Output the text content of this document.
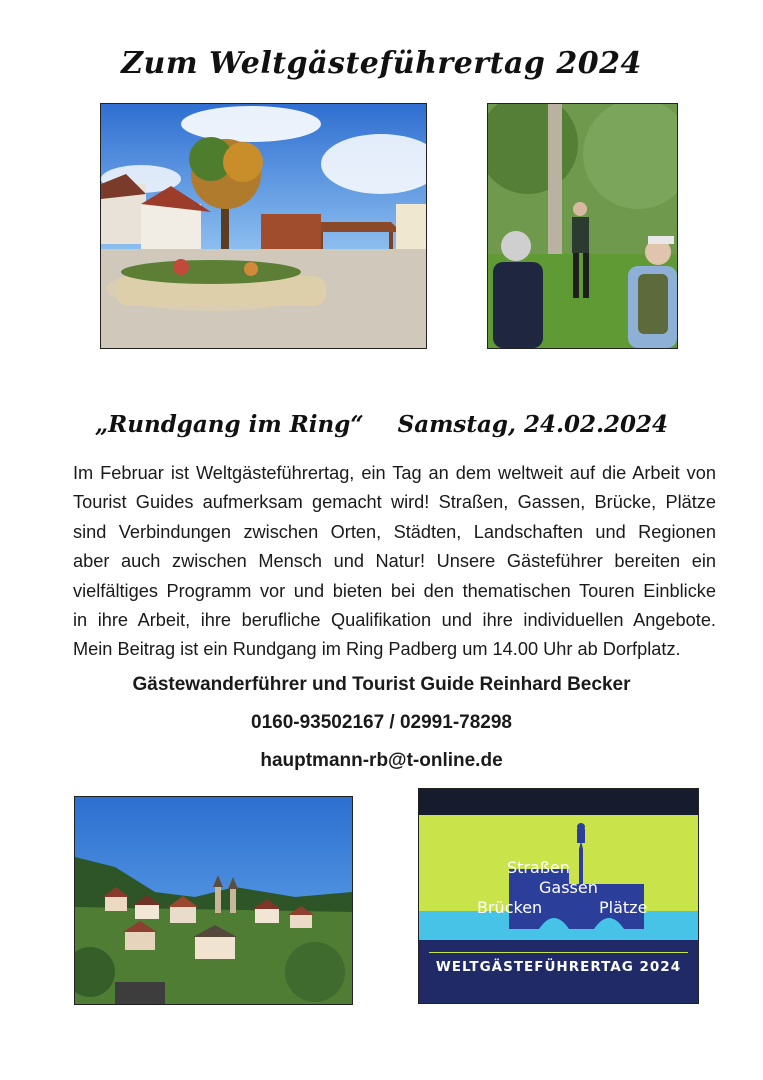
Zum Weltgästeführertag 2024
„Rundgang im Ring“ Samstag, 24.02.2024
Im Februar ist Weltgästeführertag, ein Tag an dem weltweit auf die Arbeit von
Tourist Guides aufmerksam gemacht wird! Straßen, Gassen, Brücke, Plätze
sind Verbindungen zwischen Orten, Städten, Landschaften und Regionen
aber auch zwischen Mensch und Natur! Unsere Gästeführer bereiten ein
vielfältiges Programm vor und bieten bei den thematischen Touren Einblicke
in ihre Arbeit, ihre berufliche Qualifikation und ihre individuellen Angebote.
Mein Beitrag ist ein Rundgang im Ring Padberg um 14.00 Uhr ab Dorfplatz.
Gästewanderführer und Tourist Guide Reinhard Becker
0160-93502167 / 02991-78298
hauptmann-rb@t-online.de
Straßen
Gassen
Brücken	Plätze
WELTGÄSTEFÜHRERTAG 2024
